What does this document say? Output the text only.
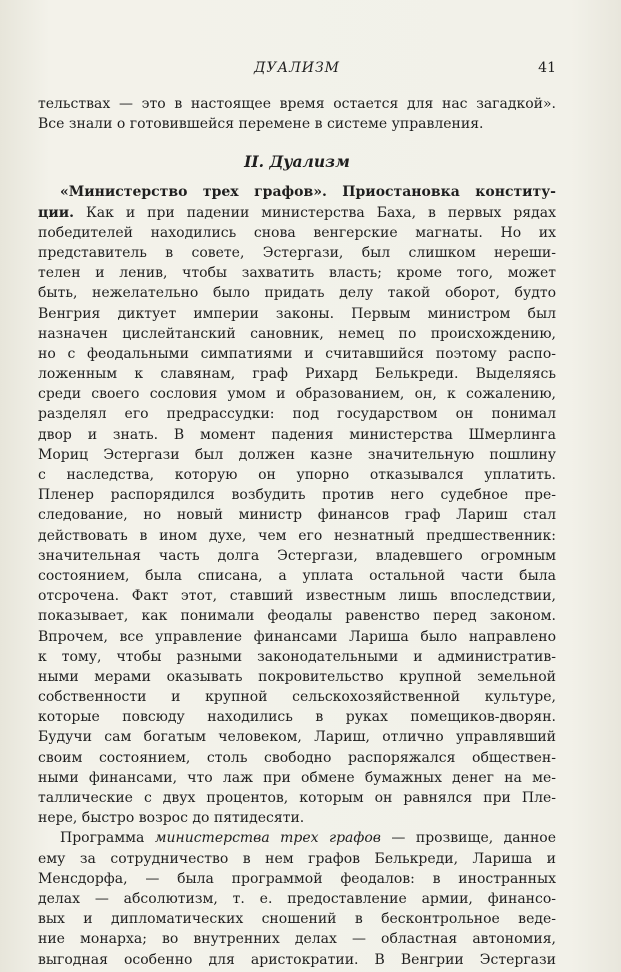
ДУАЛИЗМ	41
тельствах — это в настоящее время остается для нас загадкой».
Все знали о готовившейся перемене в системе управления.
II. Дуализм
«Министерство трех графов». Приостановка конститу-
ции. Как и при падении министерства Баха, в первых рядах
победителей находились снова венгерские магнаты. Но их
представитель в совете, Эстергази, был слишком нереши-
телен и ленив, чтобы захватить власть; кроме того, может
быть, нежелательно было придать делу такой оборот, будто
Венгрия диктует империи законы. Первым министром был
назначен цислейтанский сановник, немец по происхождению,
но с феодальными симпатиями и считавшийся поэтому распо-
ложенным к славянам, граф Рихард Белькреди. Выделяясь
среди своего сословия умом и образованием, он, к сожалению,
разделял его предрассудки: под государством он понимал
двор и знать. В момент падения министерства Шмерлинга
Мориц Эстергази был должен казне значительную пошлину
с наследства, которую он упорно отказывался уплатить.
Пленер распорядился возбудить против него судебное пре-
следование, но новый министр финансов граф Лариш стал
действовать в ином духе, чем его незнатный предшественник:
значительная часть долга Эстергази, владевшего огромным
состоянием, была списана, а уплата остальной части была
отсрочена. Факт этот, ставший известным лишь впоследствии,
показывает, как понимали феодалы равенство перед законом.
Впрочем, все управление финансами Лариша было направлено
к тому, чтобы разными законодательными и административ-
ными мерами оказывать покровительство крупной земельной
собственности и крупной сельскохозяйственной культуре,
которые повсюду находились в руках помещиков-дворян.
Будучи сам богатым человеком, Лариш, отлично управлявший
своим состоянием, столь свободно распоряжался обществен-
ными финансами, что лаж при обмене бумажных денег на ме-
таллические с двух процентов, которым он равнялся при Пле-
нере, быстро возрос до пятидесяти.
Программа министерства трех графов — прозвище, данное
ему за сотрудничество в нем графов Белькреди, Лариша и
Менсдорфа, — была программой феодалов: в иностранных
делах — абсолютизм, т. е. предоставление армии, финансо-
вых и дипломатических сношений в бесконтрольное веде-
ние монарха; во внутренних делах — областная автономия,
выгодная особенно для аристократии. В Венгрии Эстергази
